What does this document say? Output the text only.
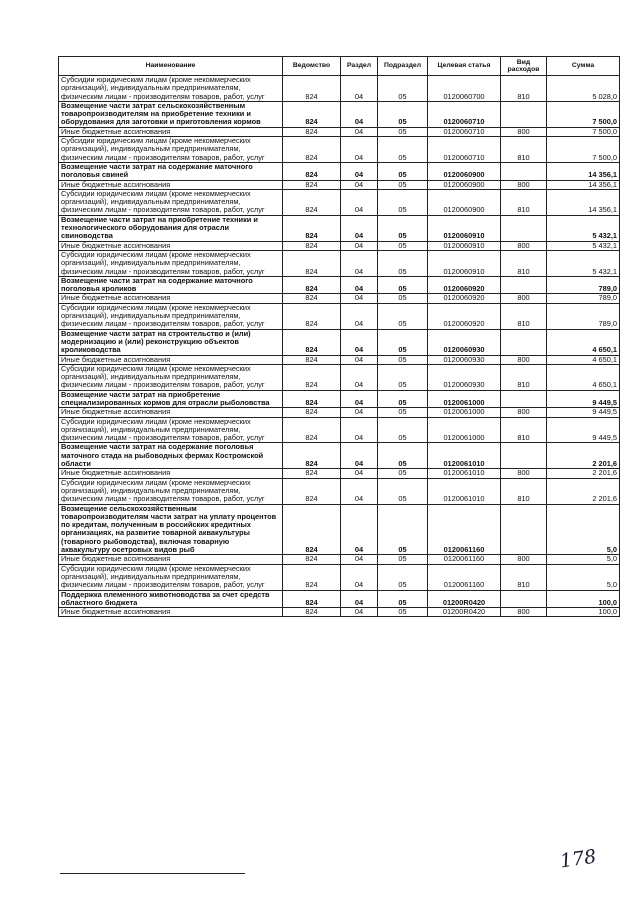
Наименование	Ведомство	Раздел	Подраздел	Целевая статья	Вид расходов	Сумма
Субсидии юридическим лицам (кроме некоммерческих организаций), индивидуальным предпринимателям, физическим лицам - производителям товаров, работ, услуг	824	04	05	0120060700	810	5 028,0
Возмещение части затрат сельскохозяйственным товаропроизводителям на приобретение техники и оборудования для заготовки и приготовления кормов	824	04	05	0120060710		7 500,0
Иные бюджетные ассигнования	824	04	05	0120060710	800	7 500,0
Субсидии юридическим лицам (кроме некоммерческих организаций), индивидуальным предпринимателям, физическим лицам - производителям товаров, работ, услуг	824	04	05	0120060710	810	7 500,0
Возмещение части затрат на содержание маточного поголовья свиней	824	04	05	0120060900		14 356,1
Иные бюджетные ассигнования	824	04	05	0120060900	800	14 356,1
Субсидии юридическим лицам (кроме некоммерческих организаций), индивидуальным предпринимателям, физическим лицам - производителям товаров, работ, услуг	824	04	05	0120060900	810	14 356,1
Возмещение части затрат на приобретение техники и технологического оборудования для отрасли свиноводства	824	04	05	0120060910		5 432,1
Иные бюджетные ассигнования	824	04	05	0120060910	800	5 432,1
Субсидии юридическим лицам (кроме некоммерческих организаций), индивидуальным предпринимателям, физическим лицам - производителям товаров, работ, услуг	824	04	05	0120060910	810	5 432,1
Возмещение части затрат на содержание маточного поголовья кроликов	824	04	05	0120060920		789,0
Иные бюджетные ассигнования	824	04	05	0120060920	800	789,0
Субсидии юридическим лицам (кроме некоммерческих организаций), индивидуальным предпринимателям, физическим лицам - производителям товаров, работ, услуг	824	04	05	0120060920	810	789,0
Возмещение части затрат на строительство и (или) модернизацию и (или) реконструкцию объектов кролиководства	824	04	05	0120060930		4 650,1
Иные бюджетные ассигнования	824	04	05	0120060930	800	4 650,1
Субсидии юридическим лицам (кроме некоммерческих организаций), индивидуальным предпринимателям, физическим лицам - производителям товаров, работ, услуг	824	04	05	0120060930	810	4 650,1
Возмещение части затрат на приобретение специализированных кормов для отрасли рыболовства	824	04	05	0120061000		9 449,5
Иные бюджетные ассигнования	824	04	05	0120061000	800	9 449,5
Субсидии юридическим лицам (кроме некоммерческих организаций), индивидуальным предпринимателям, физическим лицам - производителям товаров, работ, услуг	824	04	05	0120061000	810	9 449,5
Возмещение части затрат на содержание поголовья маточного стада на рыбоводных фермах Костромской области	824	04	05	0120061010		2 201,6
Иные бюджетные ассигнования	824	04	05	0120061010	800	2 201,6
Субсидии юридическим лицам (кроме некоммерческих организаций), индивидуальным предпринимателям, физическим лицам - производителям товаров, работ, услуг	824	04	05	0120061010	810	2 201,6
Возмещение сельскохозяйственным товаропроизводителям части затрат на уплату процентов по кредитам, полученным в российских кредитных организациях, на развитие товарной аквакультуры (товарного рыбоводства), включая товарную аквакультуру осетровых видов рыб	824	04	05	0120061160		5,0
Иные бюджетные ассигнования	824	04	05	0120061160	800	5,0
Субсидии юридическим лицам (кроме некоммерческих организаций), индивидуальным предпринимателям, физическим лицам - производителям товаров, работ, услуг	824	04	05	0120061160	810	5,0
Поддержка племенного животноводства за счет средств областного бюджета	824	04	05	01200R0420		100,0
Иные бюджетные ассигнования	824	04	05	01200R0420	800	100,0
178
